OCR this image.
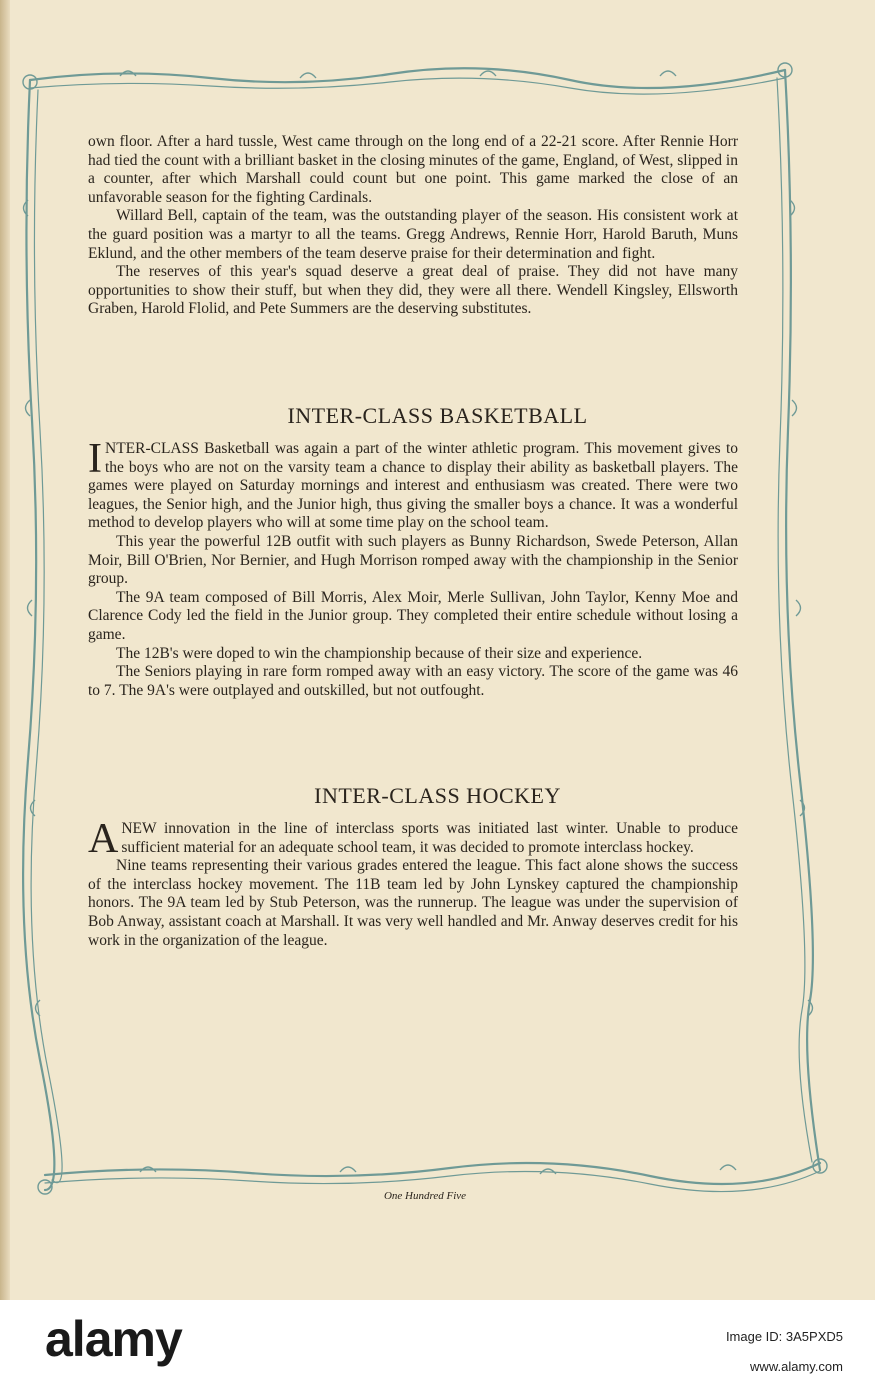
own floor. After a hard tussle, West came through on the long end of a 22-21 score. After Rennie Horr had tied the count with a brilliant basket in the closing minutes of the game, England, of West, slipped in a counter, after which Marshall could count but one point. This game marked the close of an unfavorable season for the fighting Cardinals.

Willard Bell, captain of the team, was the outstanding player of the season. His consistent work at the guard position was a martyr to all the teams. Gregg Andrews, Rennie Horr, Harold Baruth, Muns Eklund, and the other members of the team deserve praise for their determination and fight.

The reserves of this year's squad deserve a great deal of praise. They did not have many opportunities to show their stuff, but when they did, they were all there. Wendell Kingsley, Ellsworth Graben, Harold Flolid, and Pete Summers are the deserving substitutes.

INTER-CLASS BASKETBALL

INTER-CLASS Basketball was again a part of the winter athletic program. This movement gives to the boys who are not on the varsity team a chance to display their ability as basketball players. The games were played on Saturday mornings and interest and enthusiasm was created. There were two leagues, the Senior high, and the Junior high, thus giving the smaller boys a chance. It was a wonderful method to develop players who will at some time play on the school team.

This year the powerful 12B outfit with such players as Bunny Richardson, Swede Peterson, Allan Moir, Bill O'Brien, Nor Bernier, and Hugh Morrison romped away with the championship in the Senior group.

The 9A team composed of Bill Morris, Alex Moir, Merle Sullivan, John Taylor, Kenny Moe and Clarence Cody led the field in the Junior group. They completed their entire schedule without losing a game.

The 12B's were doped to win the championship because of their size and experience.

The Seniors playing in rare form romped away with an easy victory. The score of the game was 46 to 7. The 9A's were outplayed and outskilled, but not outfought.

INTER-CLASS HOCKEY

ANEW innovation in the line of interclass sports was initiated last winter. Unable to produce sufficient material for an adequate school team, it was decided to promote interclass hockey.

Nine teams representing their various grades entered the league. This fact alone shows the success of the interclass hockey movement. The 11B team led by John Lynskey captured the championship honors. The 9A team led by Stub Peterson, was the runnerup. The league was under the supervision of Bob Anway, assistant coach at Marshall. It was very well handled and Mr. Anway deserves credit for his work in the organization of the league.

One Hundred Five
alamy	Image ID: 3A5PXD5
www.alamy.com
